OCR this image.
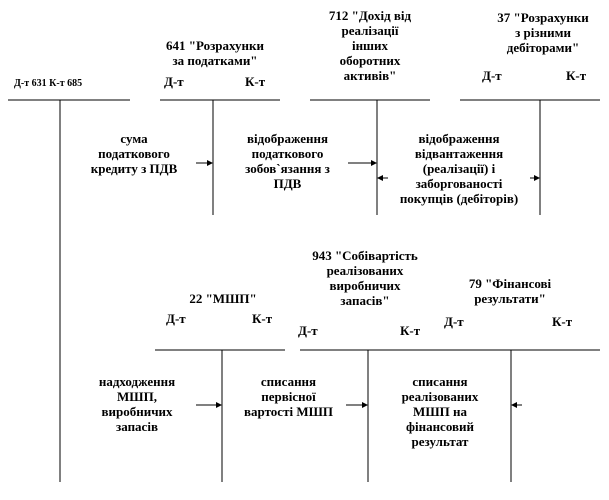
Д-т 631 К-т 685
641 "Розрахунки
за податками"
Д-т	К-т
712 "Дохід від
реалізації
інших
оборотних
активів"
37 "Розрахунки
з різними
дебіторами"
Д-т	К-т
сума
податкового
кредиту з ПДВ
відображення
податкового
зобов`язання з
ПДВ
відображення
відвантаження
(реалізації) і
заборгованості
покупців (дебіторів)
22 "МШП"
Д-т	К-т
943 "Собівартість
реалізованих
виробничих
запасів"
Д-т	К-т
79 "Фінансові
результати"
Д-т	К-т
надходження
МШП,
виробничих
запасів
списання
первісної
вартості МШП
списання
реалізованих
МШП на
фінансовий
результат
